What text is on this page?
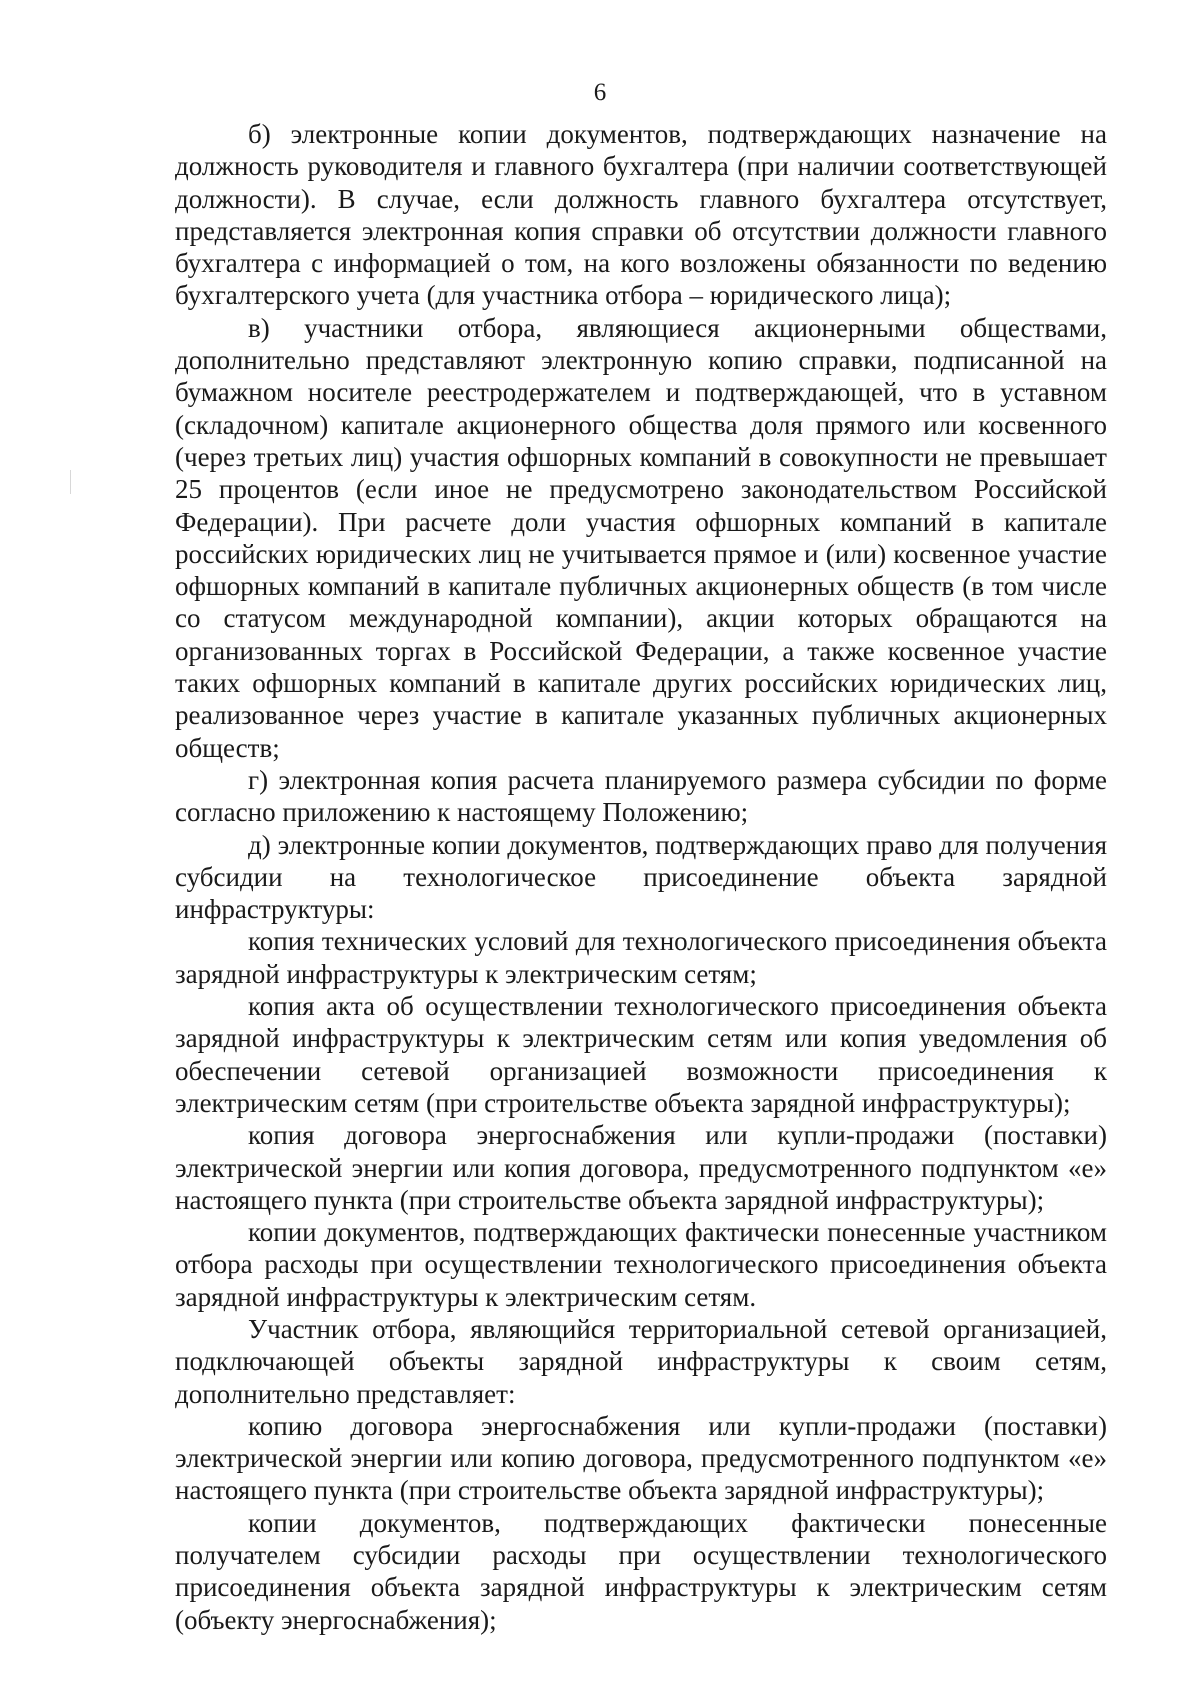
6

б) электронные копии документов, подтверждающих назначение на должность руководителя и главного бухгалтера (при наличии соответствующей должности). В случае, если должность главного бухгалтера отсутствует, представляется электронная копия справки об отсутствии должности главного бухгалтера с информацией о том, на кого возложены обязанности по ведению бухгалтерского учета (для участника отбора – юридического лица);

в) участники отбора, являющиеся акционерными обществами, дополнительно представляют электронную копию справки, подписанной на бумажном носителе реестродержателем и подтверждающей, что в уставном (складочном) капитале акционерного общества доля прямого или косвенного (через третьих лиц) участия офшорных компаний в совокупности не превышает 25 процентов (если иное не предусмотрено законодательством Российской Федерации). При расчете доли участия офшорных компаний в капитале российских юридических лиц не учитывается прямое и (или) косвенное участие офшорных компаний в капитале публичных акционерных обществ (в том числе со статусом международной компании), акции которых обращаются на организованных торгах в Российской Федерации, а также косвенное участие таких офшорных компаний в капитале других российских юридических лиц, реализованное через участие в капитале указанных публичных акционерных обществ;

г) электронная копия расчета планируемого размера субсидии по форме согласно приложению к настоящему Положению;

д) электронные копии документов, подтверждающих право для получения субсидии на технологическое присоединение объекта зарядной инфраструктуры:

копия технических условий для технологического присоединения объекта зарядной инфраструктуры к электрическим сетям;

копия акта об осуществлении технологического присоединения объекта зарядной инфраструктуры к электрическим сетям или копия уведомления об обеспечении сетевой организацией возможности присоединения к электрическим сетям (при строительстве объекта зарядной инфраструктуры);

копия договора энергоснабжения или купли-продажи (поставки) электрической энергии или копия договора, предусмотренного подпунктом «е» настоящего пункта (при строительстве объекта зарядной инфраструктуры);

копии документов, подтверждающих фактически понесенные участником отбора расходы при осуществлении технологического присоединения объекта зарядной инфраструктуры к электрическим сетям.

Участник отбора, являющийся территориальной сетевой организацией, подключающей объекты зарядной инфраструктуры к своим сетям, дополнительно представляет:

копию договора энергоснабжения или купли-продажи (поставки) электрической энергии или копию договора, предусмотренного подпунктом «е» настоящего пункта (при строительстве объекта зарядной инфраструктуры);

копии документов, подтверждающих фактически понесенные получателем субсидии расходы при осуществлении технологического присоединения объекта зарядной инфраструктуры к электрическим сетям (объекту энергоснабжения);
